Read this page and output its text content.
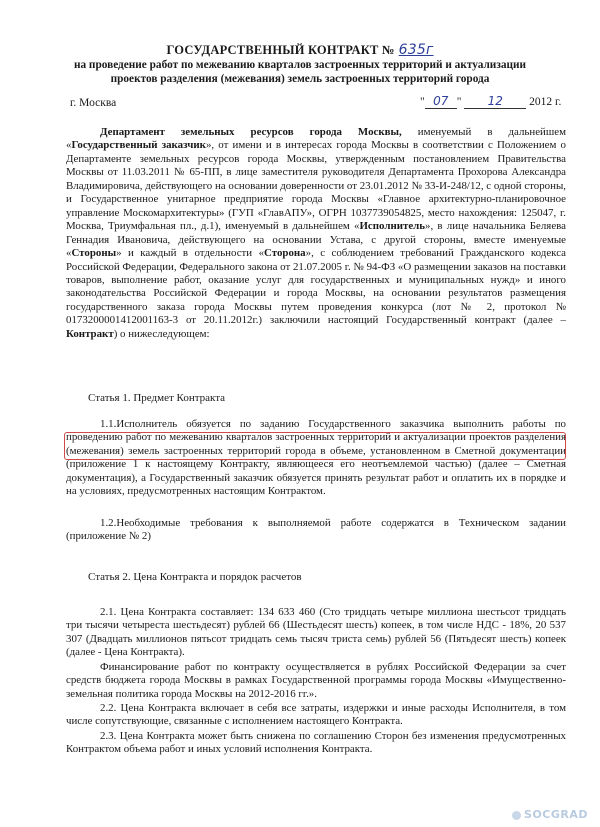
ГОСУДАРСТВЕННЫЙ КОНТРАКТ № 635г
на проведение работ по межеванию кварталов застроенных территорий и актуализации проектов разделения (межевания) земель застроенных территорий города
г. Москва	" 07 " 12 2012 г.

Департамент земельных ресурсов города Москвы, именуемый в дальнейшем «Государственный заказчик», от имени и в интересах города Москвы в соответствии с Положением о Департаменте земельных ресурсов города Москвы, утвержденным постановлением Правительства Москвы от 11.03.2011 № 65-ПП, в лице заместителя руководителя Департамента Прохорова Александра Владимировича, действующего на основании доверенности от 23.01.2012 № 33-И-248/12, с одной стороны, и Государственное унитарное предприятие города Москвы «Главное архитектурно-планировочное управление Москомархитектуры» (ГУП «ГлавАПУ», ОГРН 1037739054825, место нахождения: 125047, г. Москва, Триумфальная пл., д.1), именуемый в дальнейшем «Исполнитель», в лице начальника Беляева Геннадия Ивановича, действующего на основании Устава, с другой стороны, вместе именуемые «Стороны» и каждый в отдельности «Сторона», с соблюдением требований Гражданского кодекса Российской Федерации, Федерального закона от 21.07.2005 г. № 94-ФЗ «О размещении заказов на поставки товаров, выполнение работ, оказание услуг для государственных и муниципальных нужд» и иного законодательства Российской Федерации и города Москвы, на основании результатов размещения государственного заказа города Москвы путем проведения конкурса (лот № 2, протокол № 0173200001412001163-3 от 20.11.2012г.) заключили настоящий Государственный контракт (далее – Контракт) о нижеследующем:

Статья 1. Предмет Контракта

1.1.Исполнитель обязуется по заданию Государственного заказчика выполнить работы по проведению работ по межеванию кварталов застроенных территорий и актуализации проектов разделения (межевания) земель застроенных территорий города в объеме, установленном в Сметной документации (приложение 1 к настоящему Контракту, являющееся его неотъемлемой частью) (далее – Сметная документация), а Государственный заказчик обязуется принять результат работ и оплатить их в порядке и на условиях, предусмотренных настоящим Контрактом.

1.2.Необходимые требования к выполняемой работе содержатся в Техническом задании (приложение № 2)

Статья 2. Цена Контракта и порядок расчетов

2.1. Цена Контракта составляет: 134 633 460 (Сто тридцать четыре миллиона шестьсот тридцать три тысячи четыреста шестьдесят) рублей 66 (Шестьдесят шесть) копеек, в том числе НДС - 18%, 20 537 307 (Двадцать миллионов пятьсот тридцать семь тысяч триста семь) рублей 56 (Пятьдесят шесть) копеек (далее - Цена Контракта).

Финансирование работ по контракту осуществляется в рублях Российской Федерации за счет средств бюджета города Москвы в рамках Государственной программы города Москвы «Имущественно-земельная политика города Москвы на 2012-2016 гг.».

2.2. Цена Контракта включает в себя все затраты, издержки и иные расходы Исполнителя, в том числе сопутствующие, связанные с исполнением настоящего Контракта.

2.3. Цена Контракта может быть снижена по соглашению Сторон без изменения предусмотренных Контрактом объема работ и иных условий исполнения Контракта.

SOCGRAD
